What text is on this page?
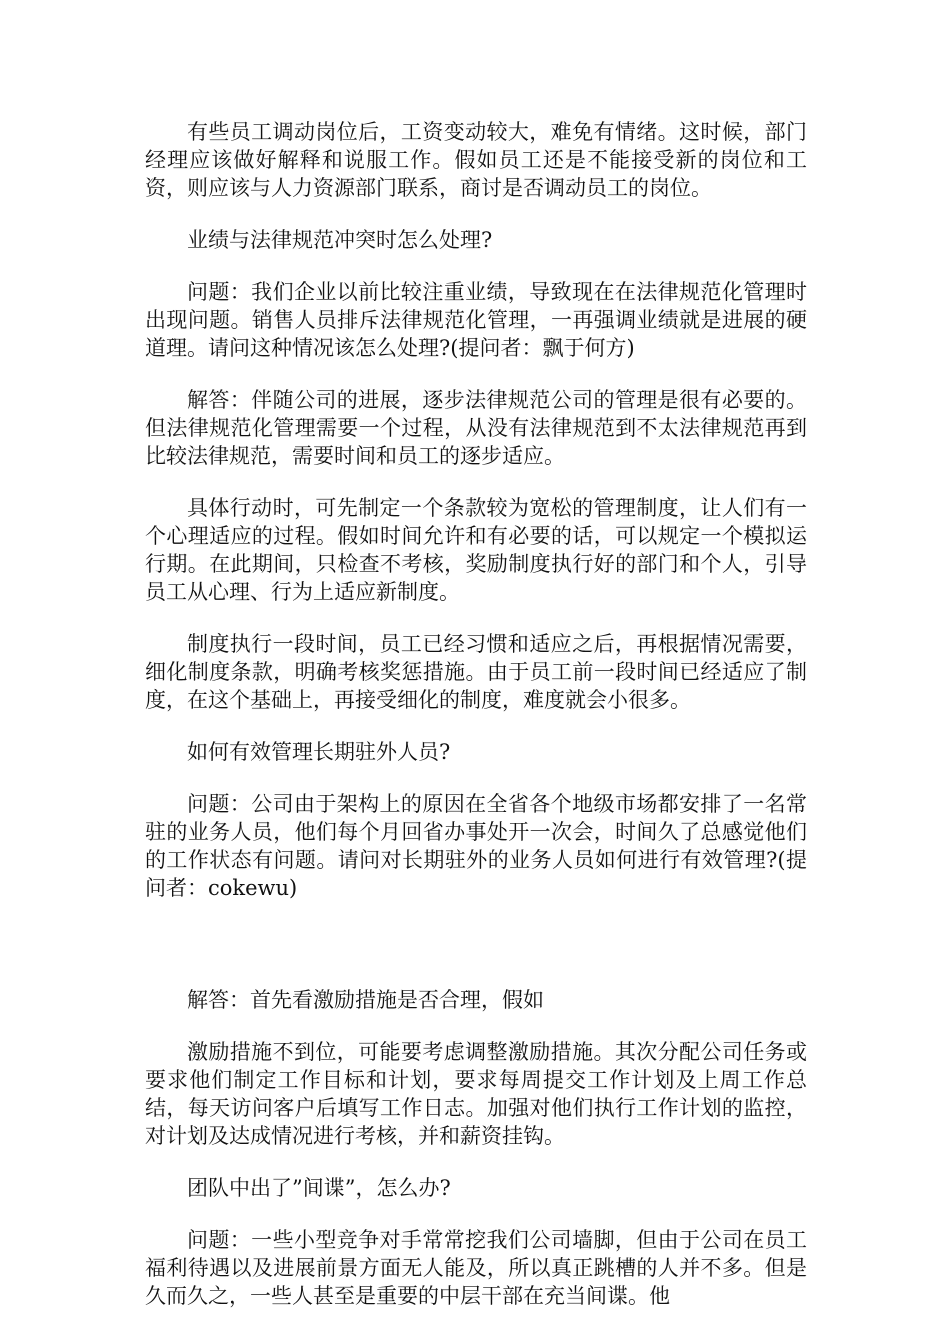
有些员工调动岗位后，工资变动较大，难免有情绪。这时候，部门经理应该做好解释和说服工作。假如员工还是不能接受新的岗位和工资，则应该与人力资源部门联系，商讨是否调动员工的岗位。

业绩与法律规范冲突时怎么处理?

问题：我们企业以前比较注重业绩，导致现在在法律规范化管理时出现问题。销售人员排斥法律规范化管理，一再强调业绩就是进展的硬道理。请问这种情况该怎么处理?(提问者：飘于何方)

解答：伴随公司的进展，逐步法律规范公司的管理是很有必要的。但法律规范化管理需要一个过程，从没有法律规范到不太法律规范再到比较法律规范，需要时间和员工的逐步适应。

具体行动时，可先制定一个条款较为宽松的管理制度，让人们有一个心理适应的过程。假如时间允许和有必要的话，可以规定一个模拟运行期。在此期间，只检查不考核，奖励制度执行好的部门和个人，引导员工从心理、行为上适应新制度。

制度执行一段时间，员工已经习惯和适应之后，再根据情况需要，细化制度条款，明确考核奖惩措施。由于员工前一段时间已经适应了制度，在这个基础上，再接受细化的制度，难度就会小很多。

如何有效管理长期驻外人员?

问题：公司由于架构上的原因在全省各个地级市场都安排了一名常驻的业务人员，他们每个月回省办事处开一次会，时间久了总感觉他们的工作状态有问题。请问对长期驻外的业务人员如何进行有效管理?(提问者：cokewu)

解答：首先看激励措施是否合理，假如

激励措施不到位，可能要考虑调整激励措施。其次分配公司任务或要求他们制定工作目标和计划，要求每周提交工作计划及上周工作总结，每天访问客户后填写工作日志。加强对他们执行工作计划的监控，对计划及达成情况进行考核，并和薪资挂钩。

团队中出了”间谍”，怎么办?

问题：一些小型竞争对手常常挖我们公司墙脚，但由于公司在员工福利待遇以及进展前景方面无人能及，所以真正跳槽的人并不多。但是久而久之，一些人甚至是重要的中层干部在充当间谍。他
